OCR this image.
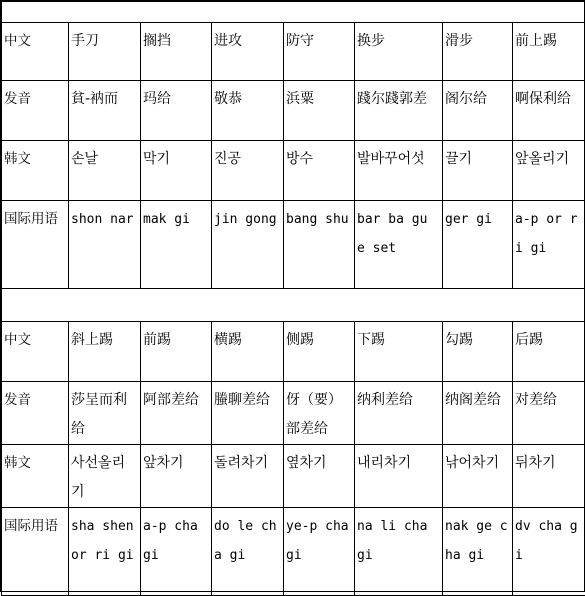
中文	手刀	搁挡	进攻	防守	换步	滑步	前上踢
发音	貧-衲而	玛给	敬恭	浜粟	踐尔踐郭差	阁尔给	啊保利给
韩文	손날	막기	진공	방수	발바꾸어섯	끌기	앞올리기
国际用语	shon nar	mak gi	jin gong	bang shu	bar ba gu e set	ger gi	a-p or ri gi

中文	斜上踢	前踢	横踢	侧踢	下踢	勾踢	后踢
发音	莎呈而利给	阿部差给	螣聊差给	伢（要）部差给	纳利差给	纳阁差给	对差给
韩文	사선올리기	앞차기	돌려차기	옆차기	내리차기	낚어차기	뒤차기
国际用语	sha shen or ri gi	a-p cha gi	do le cha gi	ye-p cha gi	na li cha gi	nak ge cha gi	dv cha gi
